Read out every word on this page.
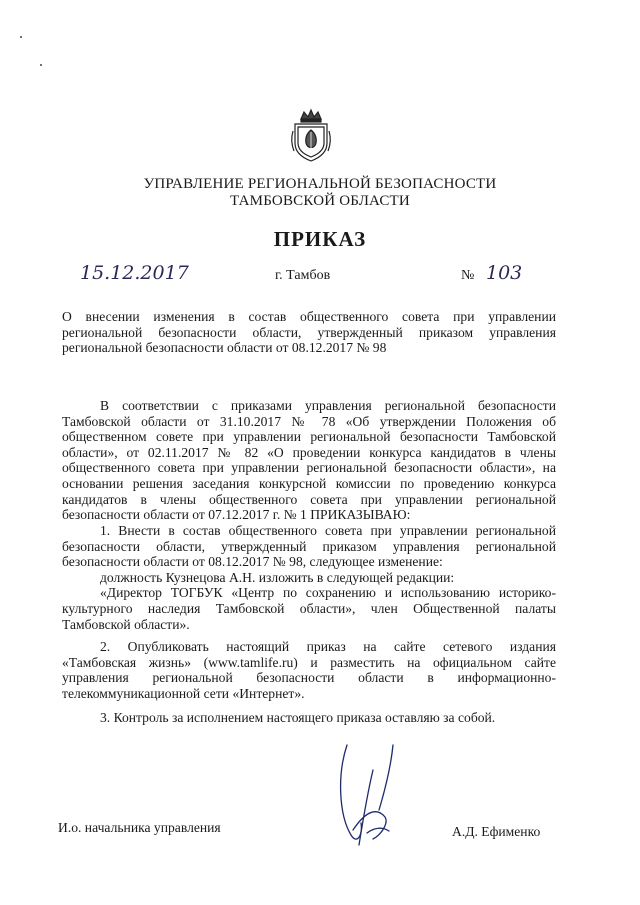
УПРАВЛЕНИЕ РЕГИОНАЛЬНОЙ БЕЗОПАСНОСТИ
ТАМБОВСКОЙ ОБЛАСТИ
ПРИКАЗ
15.12.2017	г. Тамбов	№ 103
О внесении изменения в состав общественного совета при управлении
региональной безопасности области, утвержденный приказом управления
региональной безопасности области от 08.12.2017 № 98
В соответствии с приказами управления региональной безопасности
Тамбовской области от 31.10.2017 № 78 «Об утверждении Положения об
общественном совете при управлении региональной безопасности Тамбовской
области», от 02.11.2017 № 82 «О проведении конкурса кандидатов в члены
общественного совета при управлении региональной безопасности области», на
основании решения заседания конкурсной комиссии по проведению конкурса
кандидатов в члены общественного совета при управлении региональной
безопасности области от 07.12.2017 г. № 1 ПРИКАЗЫВАЮ:
1. Внести в состав общественного совета при управлении региональной
безопасности области, утвержденный приказом управления региональной
безопасности области от 08.12.2017 № 98, следующее изменение:
должность Кузнецова А.Н. изложить в следующей редакции:
«Директор ТОГБУК «Центр по сохранению и использованию историко-
культурного наследия Тамбовской области», член Общественной палаты
Тамбовской области».
2. Опубликовать настоящий приказ на сайте сетевого издания
«Тамбовская жизнь» (www.tamlife.ru) и разместить на официальном сайте
управления региональной безопасности области в информационно-
телекоммуникационной сети «Интернет».
3. Контроль за исполнением настоящего приказа оставляю за собой.
И.о. начальника управления	А.Д. Ефименко
